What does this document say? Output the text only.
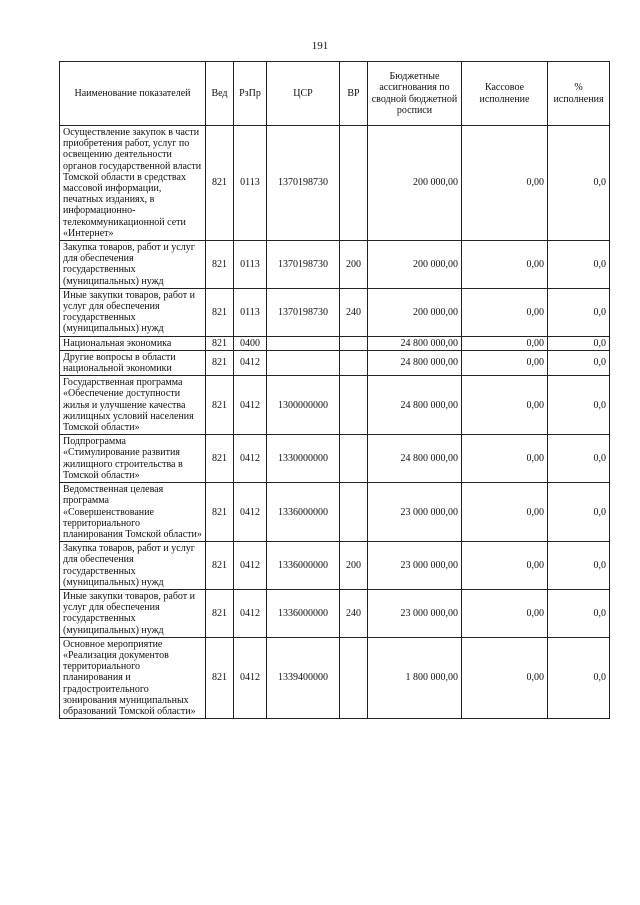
191
Наименование показателей	Вед	РзПр	ЦСР	ВР	Бюджетные ассигнования по сводной бюджетной росписи	Кассовое исполнение	% исполнения
Осуществление закупок в части приобретения работ, услуг по освещению деятельности органов государственной власти Томской области в средствах массовой информации, печатных изданиях, в информационно-телекоммуникационной сети «Интернет»	821	0113	1370198730		200 000,00	0,00	0,0
Закупка товаров, работ и услуг для обеспечения государственных (муниципальных) нужд	821	0113	1370198730	200	200 000,00	0,00	0,0
Иные закупки товаров, работ и услуг для обеспечения государственных (муниципальных) нужд	821	0113	1370198730	240	200 000,00	0,00	0,0
Национальная экономика	821	0400			24 800 000,00	0,00	0,0
Другие вопросы в области национальной экономики	821	0412			24 800 000,00	0,00	0,0
Государственная программа «Обеспечение доступности жилья и улучшение качества жилищных условий населения Томской области»	821	0412	1300000000		24 800 000,00	0,00	0,0
Подпрограмма «Стимулирование развития жилищного строительства в Томской области»	821	0412	1330000000		24 800 000,00	0,00	0,0
Ведомственная целевая программа «Совершенствование территориального планирования Томской области»	821	0412	1336000000		23 000 000,00	0,00	0,0
Закупка товаров, работ и услуг для обеспечения государственных (муниципальных) нужд	821	0412	1336000000	200	23 000 000,00	0,00	0,0
Иные закупки товаров, работ и услуг для обеспечения государственных (муниципальных) нужд	821	0412	1336000000	240	23 000 000,00	0,00	0,0
Основное мероприятие «Реализация документов территориального планирования и градостроительного зонирования муниципальных образований Томской области»	821	0412	1339400000		1 800 000,00	0,00	0,0
